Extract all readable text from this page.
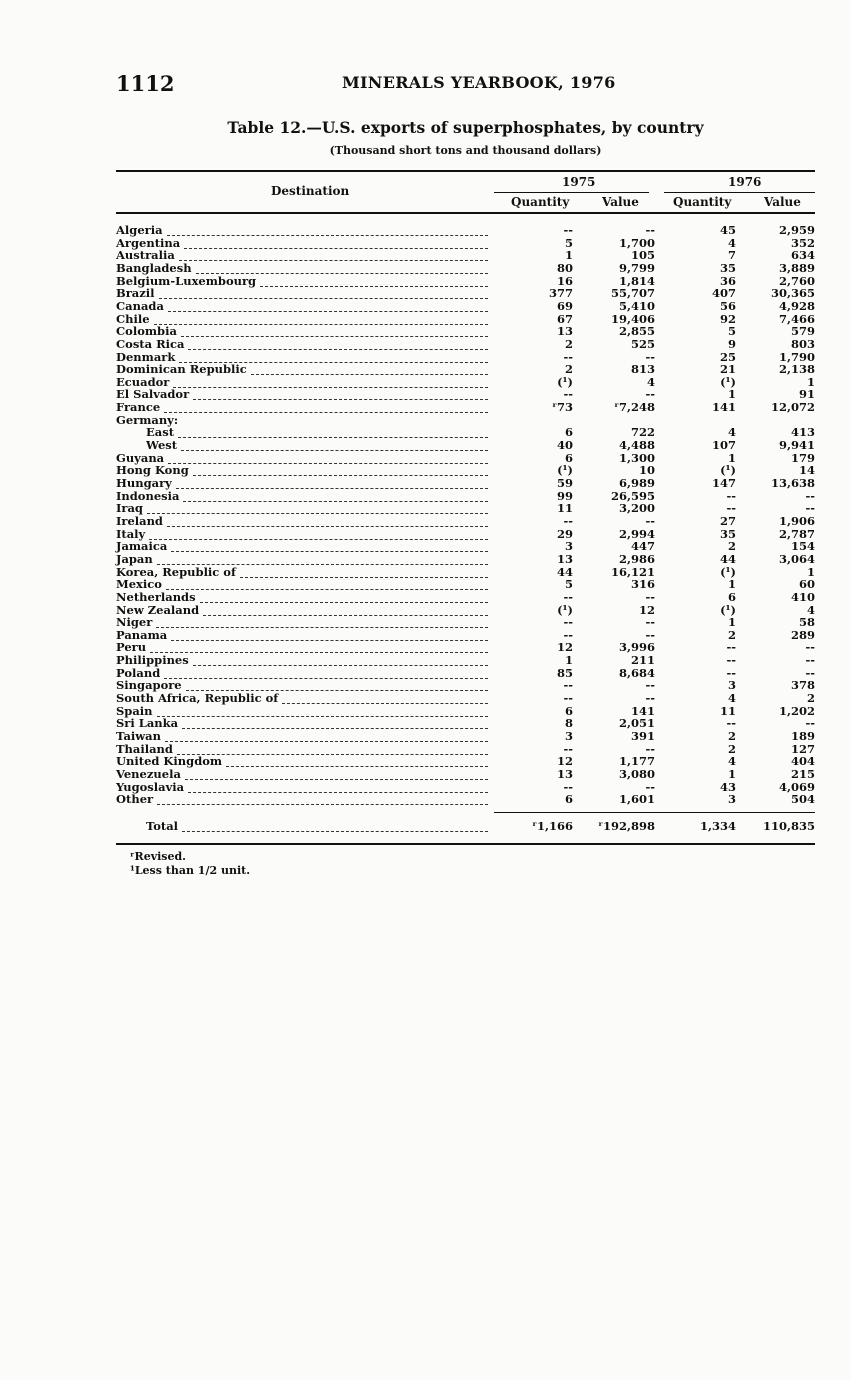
1112	MINERALS YEARBOOK, 1976
Table 12.—U.S. exports of superphosphates, by country
(Thousand short tons and thousand dollars)
Destination
1975	1976
Quantity	Value	Quantity	Value
Algeria	--	--	45	2,959
Argentina	5	1,700	4	352
Australia	1	105	7	634
Bangladesh	80	9,799	35	3,889
Belgium-Luxembourg	16	1,814	36	2,760
Brazil	377	55,707	407	30,365
Canada	69	5,410	56	4,928
Chile	67	19,406	92	7,466
Colombia	13	2,855	5	579
Costa Rica	2	525	9	803
Denmark	--	--	25	1,790
Dominican Republic	2	813	21	2,138
Ecuador	(¹)	4	(¹)	1
El Salvador	--	--	1	91
France	ʳ73	ʳ7,248	141	12,072
Germany:
East	6	722	4	413
West	40	4,488	107	9,941
Guyana	6	1,300	1	179
Hong Kong	(¹)	10	(¹)	14
Hungary	59	6,989	147	13,638
Indonesia	99	26,595	--	--
Iraq	11	3,200	--	--
Ireland	--	--	27	1,906
Italy	29	2,994	35	2,787
Jamaica	3	447	2	154
Japan	13	2,986	44	3,064
Korea, Republic of	44	16,121	(¹)	1
Mexico	5	316	1	60
Netherlands	--	--	6	410
New Zealand	(¹)	12	(¹)	4
Niger	--	--	1	58
Panama	--	--	2	289
Peru	12	3,996	--	--
Philippines	1	211	--	--
Poland	85	8,684	--	--
Singapore	--	--	3	378
South Africa, Republic of	--	--	4	2
Spain	6	141	11	1,202
Sri Lanka	8	2,051	--	--
Taiwan	3	391	2	189
Thailand	--	--	2	127
United Kingdom	12	1,177	4	404
Venezuela	13	3,080	1	215
Yugoslavia	--	--	43	4,069
Other	6	1,601	3	504
Total	ʳ1,166 ʳ192,898	1,334 110,835
ʳRevised.
¹Less than 1/2 unit.
